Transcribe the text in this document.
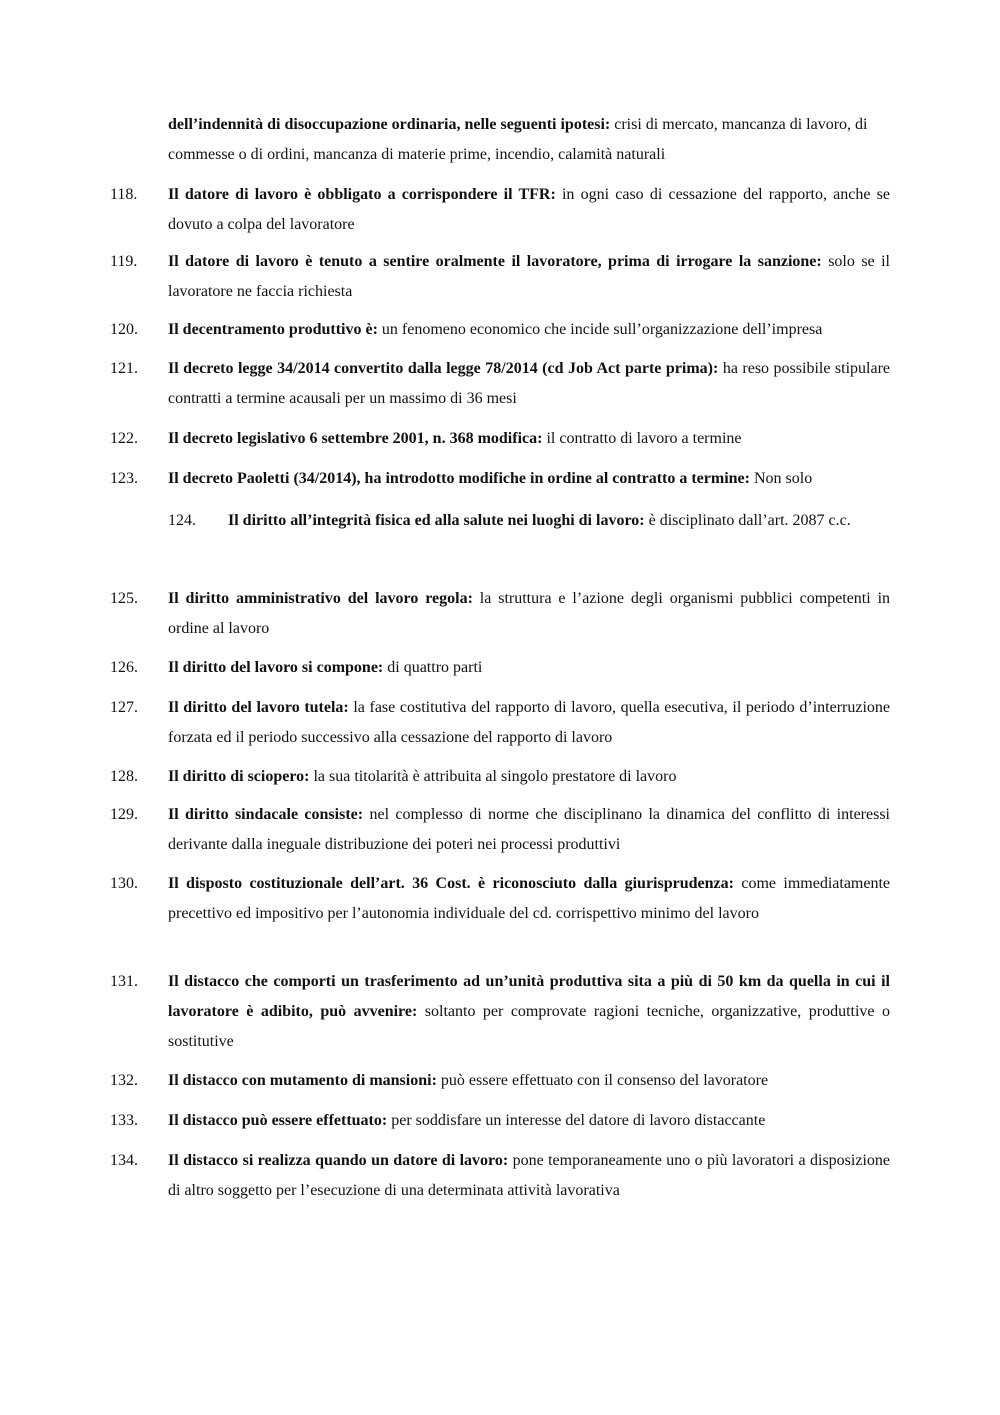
dell’indennità di disoccupazione ordinaria, nelle seguenti ipotesi: crisi di mercato, mancanza di lavoro, di commesse o di ordini, mancanza di materie prime, incendio, calamità naturali
118.	Il datore di lavoro è obbligato a corrispondere il TFR: in ogni caso di cessazione del rapporto, anche se dovuto a colpa del lavoratore
119.	Il datore di lavoro è tenuto a sentire oralmente il lavoratore, prima di irrogare la sanzione: solo se il lavoratore ne faccia richiesta
120.	Il decentramento produttivo è: un fenomeno economico che incide sull’organizzazione dell’impresa
121.	Il decreto legge 34/2014 convertito dalla legge 78/2014 (cd Job Act parte prima): ha reso possibile stipulare contratti a termine acausali per un massimo di 36 mesi
122.	Il decreto legislativo 6 settembre 2001, n. 368 modifica: il contratto di lavoro a termine
123.	Il decreto Paoletti (34/2014), ha introdotto modifiche in ordine al contratto a termine: Non solo
124. Il diritto all’integrità fisica ed alla salute nei luoghi di lavoro: è disciplinato dall’art. 2087 c.c.
125.	Il diritto amministrativo del lavoro regola: la struttura e l’azione degli organismi pubblici competenti in ordine al lavoro
126.	Il diritto del lavoro si compone: di quattro parti
127.	Il diritto del lavoro tutela: la fase costitutiva del rapporto di lavoro, quella esecutiva, il periodo d’interruzione forzata ed il periodo successivo alla cessazione del rapporto di lavoro
128.	Il diritto di sciopero: la sua titolarità è attribuita al singolo prestatore di lavoro
129.	Il diritto sindacale consiste: nel complesso di norme che disciplinano la dinamica del conflitto di interessi derivante dalla ineguale distribuzione dei poteri nei processi produttivi
130.	Il disposto costituzionale dell’art. 36 Cost. è riconosciuto dalla giurisprudenza: come immediatamente precettivo ed impositivo per l’autonomia individuale del cd. corrispettivo minimo del lavoro
131.	Il distacco che comporti un trasferimento ad un’unità produttiva sita a più di 50 km da quella in cui il lavoratore è adibito, può avvenire: soltanto per comprovate ragioni tecniche, organizzative, produttive o sostitutive
132.	Il distacco con mutamento di mansioni: può essere effettuato con il consenso del lavoratore
133.	Il distacco può essere effettuato: per soddisfare un interesse del datore di lavoro distaccante
134.	Il distacco si realizza quando un datore di lavoro: pone temporaneamente uno o più lavoratori a disposizione di altro soggetto per l’esecuzione di una determinata attività lavorativa
